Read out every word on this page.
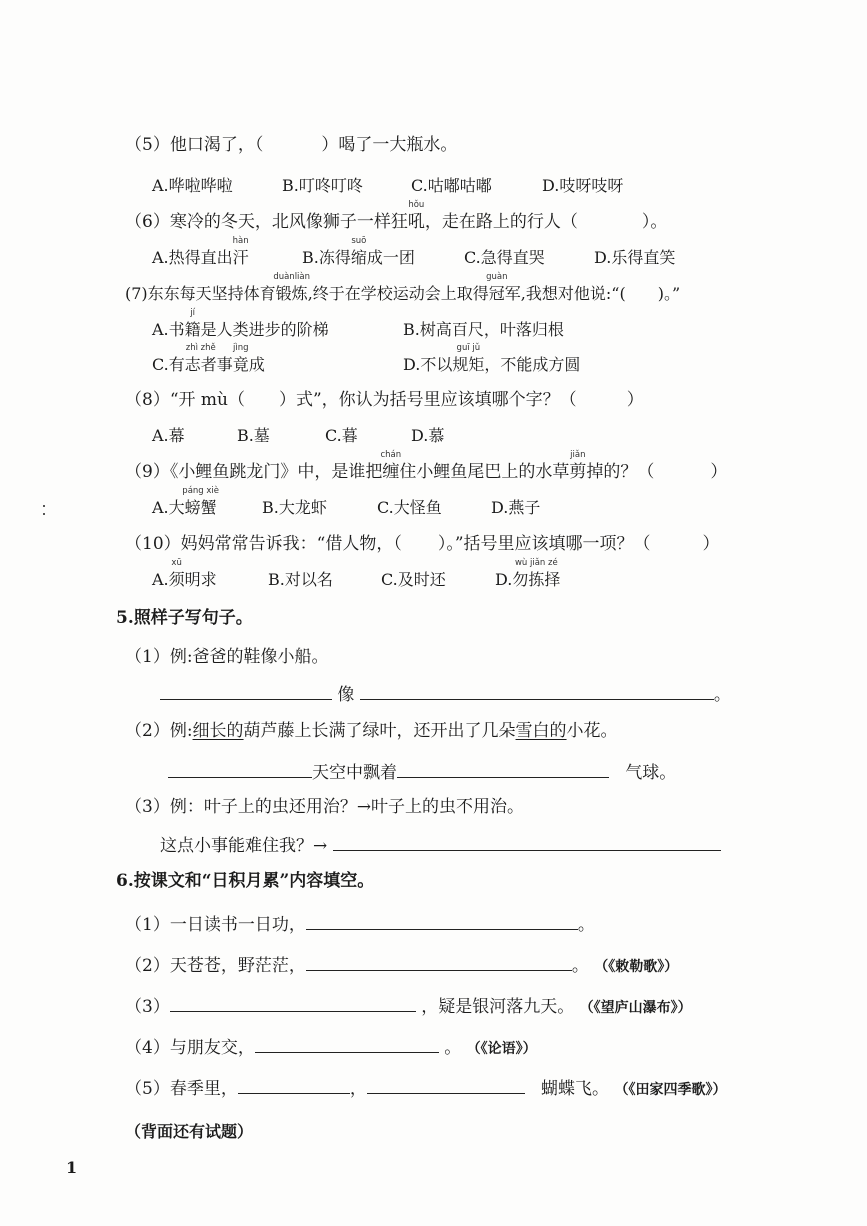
（5）他口渴了，（	）喝了一大瓶水。
A.哗啦哗啦	B.叮咚叮咚	C.咕嘟咕嘟	D.吱呀吱呀
（6）寒冷的冬天，北风像狮子一样狂
hǒu
吼，走在路上的行人（	）。
A.热得直出
hàn
汗	B.冻得
suō
缩成一团	C.急得直哭	D.乐得直笑
(7)东东每天坚持体育
duànliàn
锻炼,终于在学校运动会上取得
guàn
冠军,我想对他说:“(　　)。”
A.书
jí
籍是人类进步的阶梯	B.树高百尺，叶落归根
C.有
zhì zhě
志者事
jìng
竟成	D.不以
guī jǔ
规矩，不能成方圆
（8）“开 mù（ ）式”，你认为括号里应该填哪个字？（	）
A.幕	B.墓	C.暮	D.慕
（9）《小鲤鱼跳龙门》中，是谁把
chán
缠住小鲤鱼尾巴上的水草
jiǎn
剪掉的？（	）
A.大
páng xiè
螃蟹	B.大龙虾	C.大怪鱼	D.燕子
（10）妈妈常常告诉我：“借人物，（ ）。”括号里应该填哪一项？（	）
A.
xū
须明求	B.对以名	C.及时还	D.
wù jiǎn zé
勿拣择
5.照样子写句子。
（1）例:爸爸的鞋像小船。
像	。
（2）例:细长的葫芦藤上长满了绿叶，还开出了几朵雪白的小花。
天空中飘着	气球。
（3）例：叶子上的虫还用治？→叶子上的虫不用治。
这点小事能难住我？→
6.按课文和“日积月累”内容填空。
（1）一日读书一日功，	。
（2）天苍苍，野茫茫，	。 （《敕勒歌》）
（3）	，疑是银河落九天。 （《望庐山瀑布》）
（4）与朋友交，	。 （《论语》）
（5）春季里，	，	蝴蝶飞。 （《田家四季歌》）
（背面还有试题）
1
